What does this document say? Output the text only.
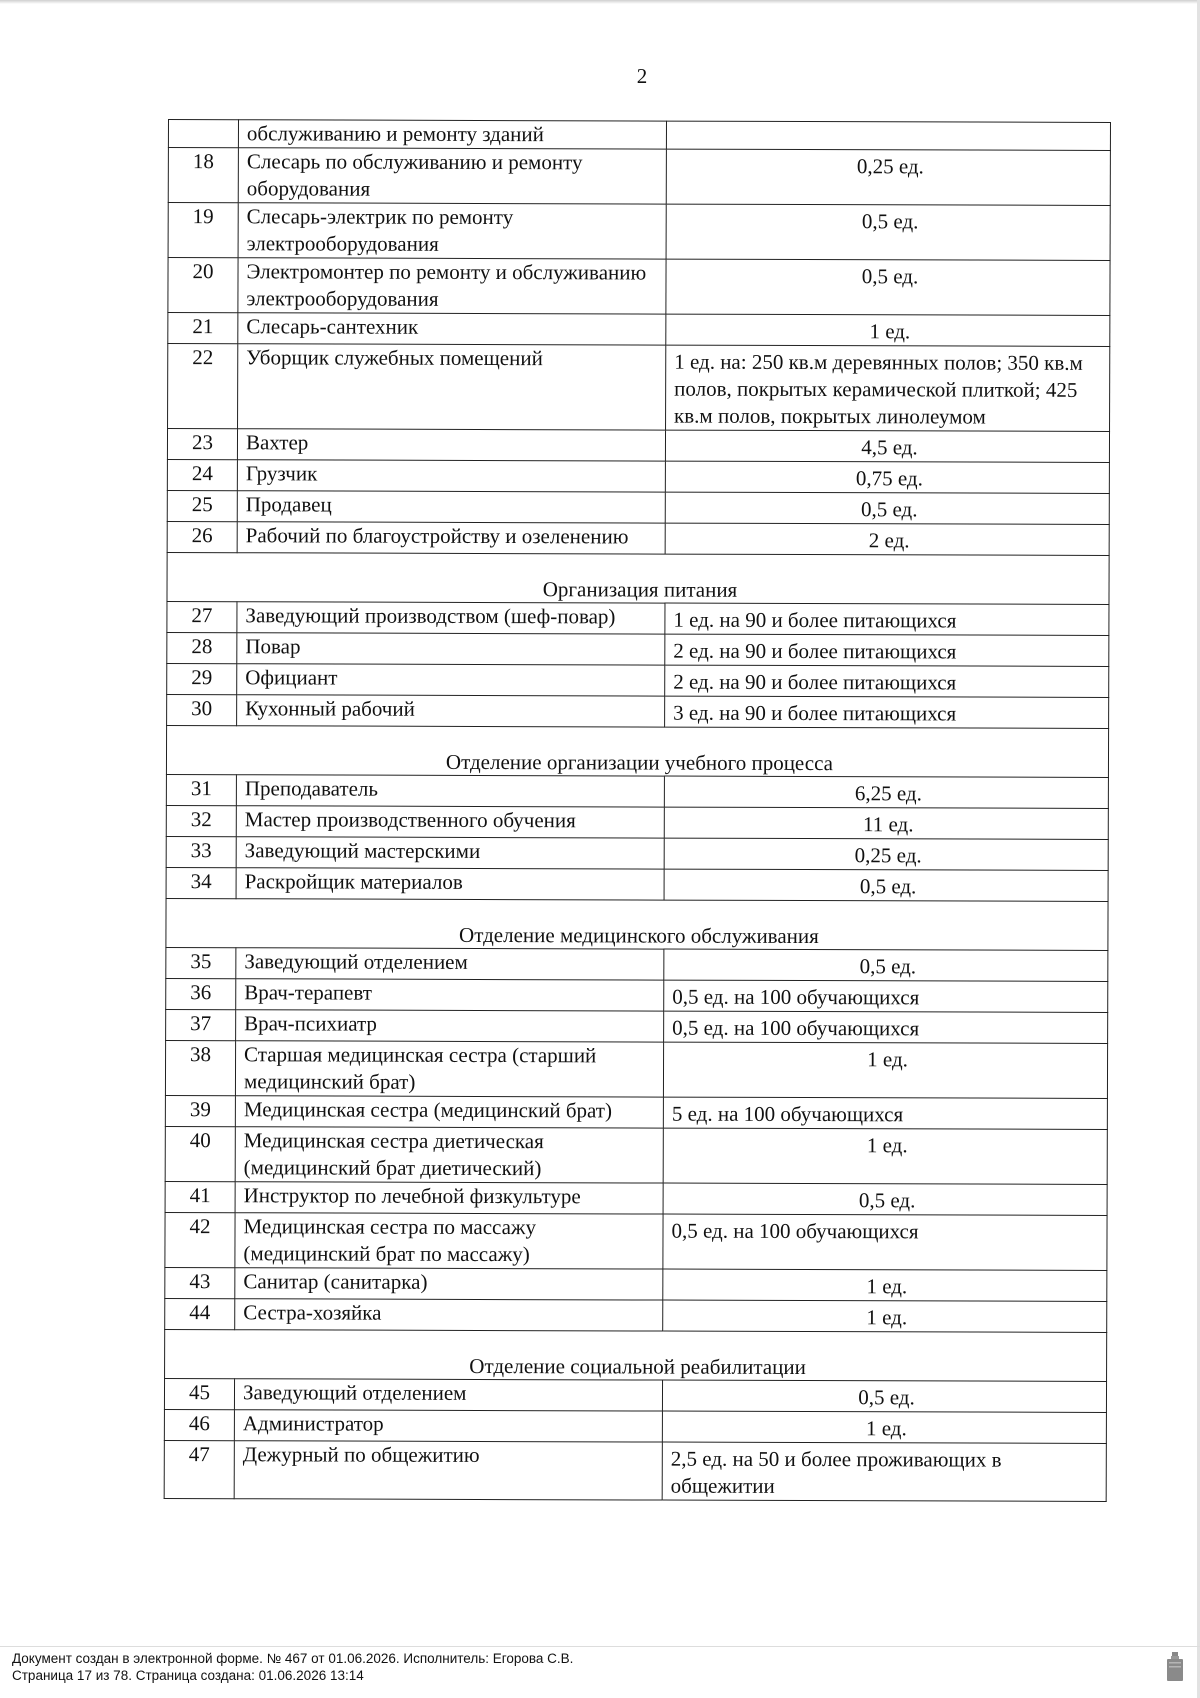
2
	обслуживанию и ремонту зданий	
18	Слесарь по обслуживанию и ремонту оборудования	0,25 ед.
19	Слесарь-электрик по ремонту электрооборудования	0,5 ед.
20	Электромонтер по ремонту и обслуживанию электрооборудования	0,5 ед.
21	Слесарь-сантехник	1 ед.
22	Уборщик служебных помещений	1 ед. на: 250 кв.м деревянных полов; 350 кв.м полов, покрытых керамической плиткой; 425 кв.м полов, покрытых линолеумом
23	Вахтер	4,5 ед.
24	Грузчик	0,75 ед.
25	Продавец	0,5 ед.
26	Рабочий по благоустройству и озеленению	2 ед.
Организация питания		
27	Заведующий производством (шеф-повар)	1 ед. на 90 и более питающихся
28	Повар	2 ед. на 90 и более питающихся
29	Официант	2 ед. на 90 и более питающихся
30	Кухонный рабочий	3 ед. на 90 и более питающихся
Отделение организации учебного процесса		
31	Преподаватель	6,25 ед.
32	Мастер производственного обучения	11 ед.
33	Заведующий мастерскими	0,25 ед.
34	Раскройщик материалов	0,5 ед.
Отделение медицинского обслуживания		
35	Заведующий отделением	0,5 ед.
36	Врач-терапевт	0,5 ед. на 100 обучающихся
37	Врач-психиатр	0,5 ед. на 100 обучающихся
38	Старшая медицинская сестра (старший медицинский брат)	1 ед.
39	Медицинская сестра (медицинский брат)	5 ед. на 100 обучающихся
40	Медицинская сестра диетическая (медицинский брат диетический)	1 ед.
41	Инструктор по лечебной физкультуре	0,5 ед.
42	Медицинская сестра по массажу (медицинский брат по массажу)	0,5 ед. на 100 обучающихся
43	Санитар (санитарка)	1 ед.
44	Сестра-хозяйка	1 ед.
Отделение социальной реабилитации		
45	Заведующий отделением	0,5 ед.
46	Администратор	1 ед.
47	Дежурный по общежитию	2,5 ед. на 50 и более проживающих в общежитии
Документ создан в электронной форме. № 467 от 01.06.2026. Исполнитель: Егорова С.В.
Страница 17 из 78. Страница создана: 01.06.2026 13:14
